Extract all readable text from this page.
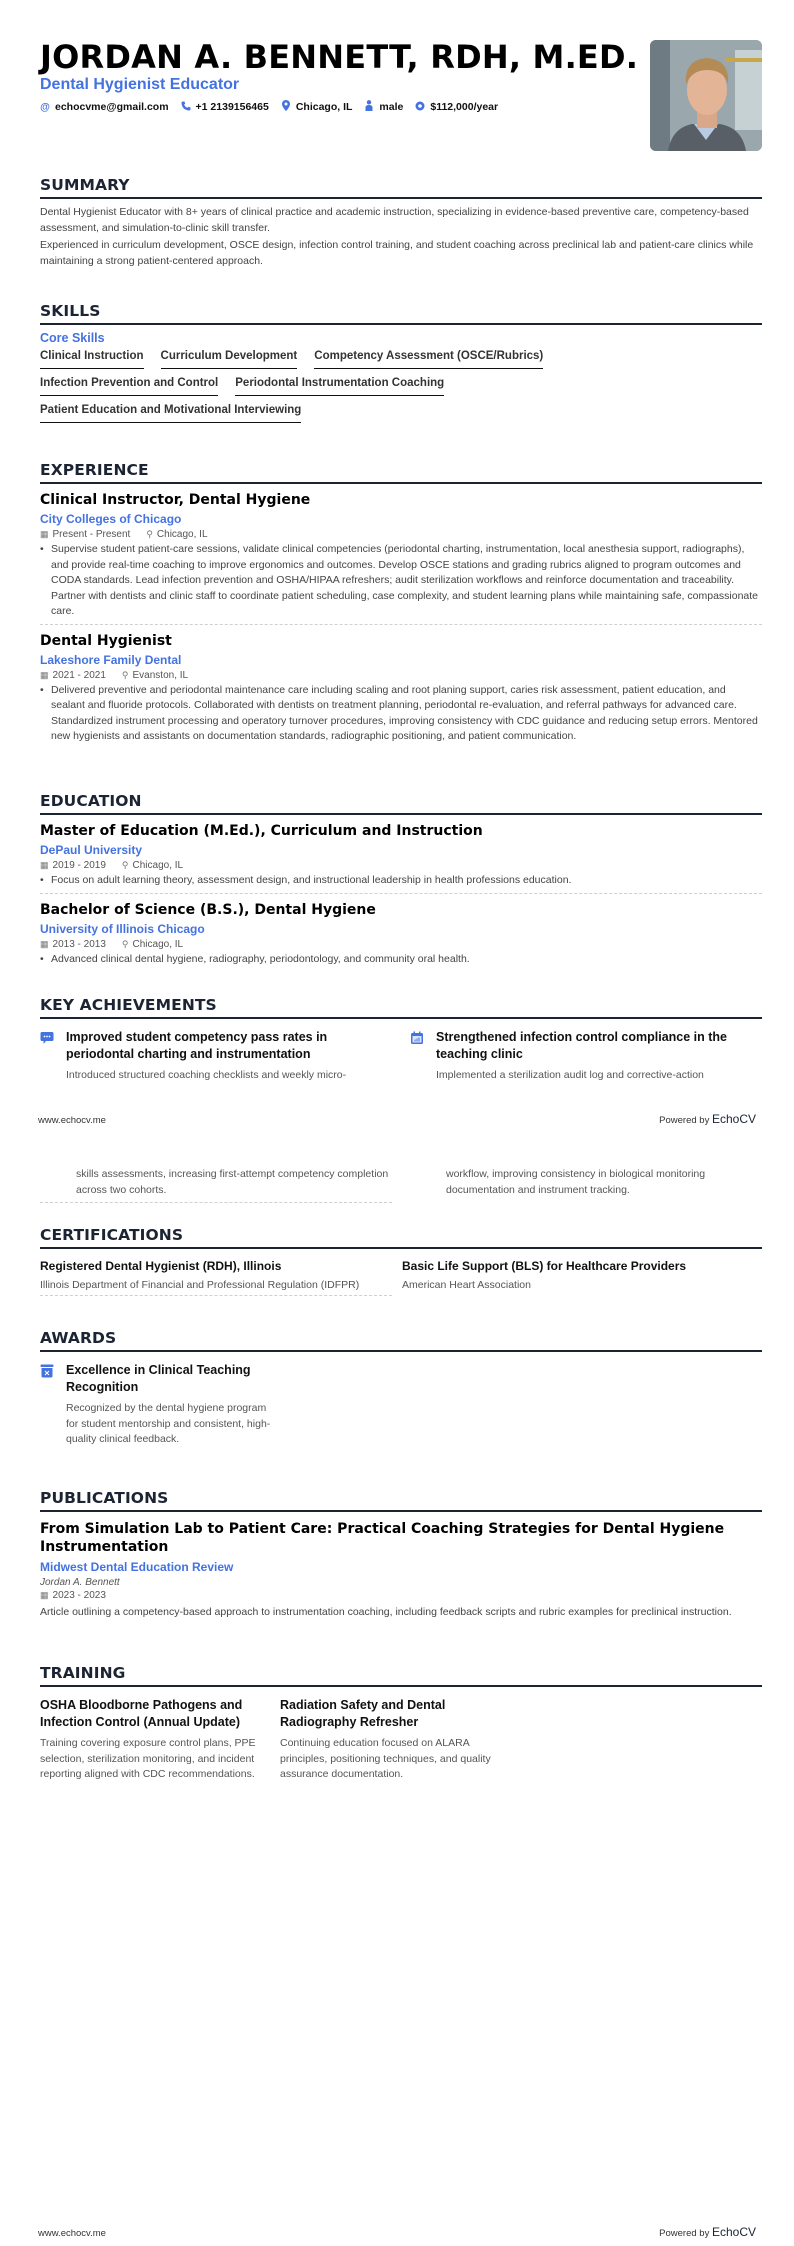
JORDAN A. BENNETT, RDH, M.ED.
Dental Hygienist Educator
@ echocvme@gmail.com	+1 2139156465	Chicago, IL	male	$112,000/year
SUMMARY

Dental Hygienist Educator with 8+ years of clinical practice and academic instruction, specializing in evidence-based preventive care, competency-based assessment, and simulation-to-clinic skill transfer.

Experienced in curriculum development, OSCE design, infection control training, and student coaching across preclinical lab and patient-care clinics while maintaining a strong patient-centered approach.

SKILLS
Core Skills
Clinical Instruction Curriculum Development Competency Assessment (OSCE/Rubrics)
Infection Prevention and Control Periodontal Instrumentation Coaching
Patient Education and Motivational Interviewing
EXPERIENCE
Clinical Instructor, Dental Hygiene
City Colleges of Chicago
▦ Present - Present ⚲ Chicago, IL
• Supervise student patient-care sessions, validate clinical competencies (periodontal charting, instrumentation, local anesthesia support, radiographs), and provide real-time coaching to improve ergonomics and outcomes. Develop OSCE stations and grading rubrics aligned to program outcomes and CODA standards. Lead infection prevention and OSHA/HIPAA refreshers; audit sterilization workflows and reinforce documentation and traceability. Partner with dentists and clinic staff to coordinate patient scheduling, case complexity, and student learning plans while maintaining safe, compassionate care.
Dental Hygienist
Lakeshore Family Dental
▦ 2021 - 2021 ⚲ Evanston, IL
• Delivered preventive and periodontal maintenance care including scaling and root planing support, caries risk assessment, patient education, and sealant and fluoride protocols. Collaborated with dentists on treatment planning, periodontal re-evaluation, and referral pathways for advanced care. Standardized instrument processing and operatory turnover procedures, improving consistency with CDC guidance and reducing setup errors. Mentored new hygienists and assistants on documentation standards, radiographic positioning, and patient communication.
EDUCATION
Master of Education (M.Ed.), Curriculum and Instruction
DePaul University
▦ 2019 - 2019 ⚲ Chicago, IL
• Focus on adult learning theory, assessment design, and instructional leadership in health professions education.
Bachelor of Science (B.S.), Dental Hygiene
University of Illinois Chicago
▦ 2013 - 2013 ⚲ Chicago, IL
• Advanced clinical dental hygiene, radiography, periodontology, and community oral health.
KEY ACHIEVEMENTS
Improved student competency pass rates in periodontal charting and instrumentation
Introduced structured coaching checklists and weekly micro-
Strengthened infection control compliance in the teaching clinic
Implemented a sterilization audit log and corrective-action
www.echocv.me	Powered by EchoCV
skills assessments, increasing first-attempt competency completion across two cohorts.
workflow, improving consistency in biological monitoring documentation and instrument tracking.
CERTIFICATIONS
Registered Dental Hygienist (RDH), Illinois
Illinois Department of Financial and Professional Regulation (IDFPR)
Basic Life Support (BLS) for Healthcare Providers
American Heart Association
AWARDS
Excellence in Clinical Teaching Recognition
Recognized by the dental hygiene program for student mentorship and consistent, high-quality clinical feedback.
PUBLICATIONS
From Simulation Lab to Patient Care: Practical Coaching Strategies for Dental Hygiene Instrumentation
Midwest Dental Education Review
Jordan A. Bennett
▦ 2023 - 2023

Article outlining a competency-based approach to instrumentation coaching, including feedback scripts and rubric examples for preclinical instruction.

TRAINING
OSHA Bloodborne Pathogens and Infection Control (Annual Update)
Training covering exposure control plans, PPE selection, sterilization monitoring, and incident reporting aligned with CDC recommendations.
Radiation Safety and Dental Radiography Refresher
Continuing education focused on ALARA principles, positioning techniques, and quality assurance documentation.
www.echocv.me	Powered by EchoCV
